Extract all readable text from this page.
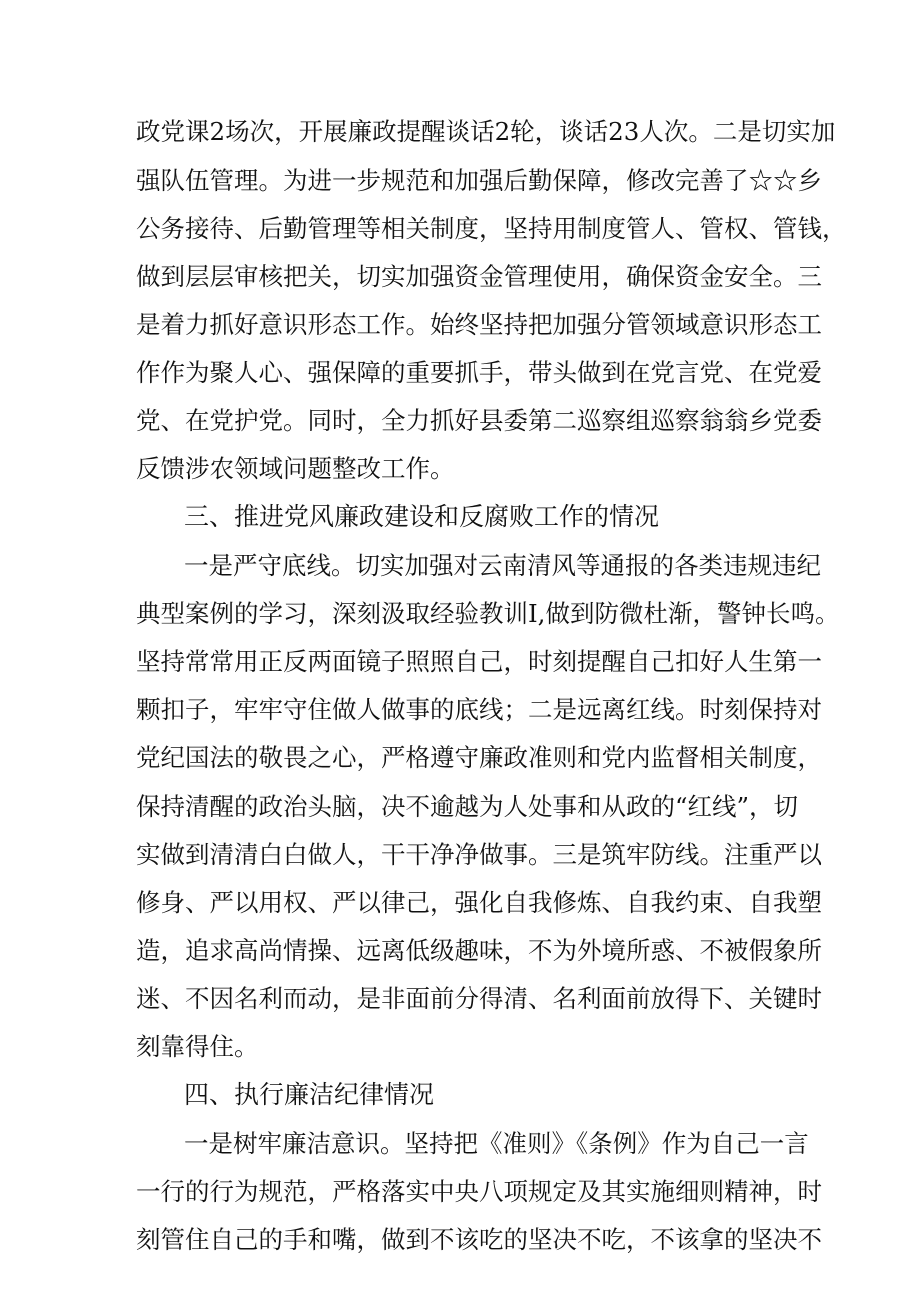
政党课2场次，开展廉政提醒谈话2轮，谈话23人次。二是切实加
强队伍管理。为进一步规范和加强后勤保障，修改完善了☆☆乡
公务接待、后勤管理等相关制度，坚持用制度管人、管权、管钱，
做到层层审核把关，切实加强资金管理使用，确保资金安全。三
是着力抓好意识形态工作。始终坚持把加强分管领域意识形态工
作作为聚人心、强保障的重要抓手，带头做到在党言党、在党爱
党、在党护党。同时，全力抓好县委第二巡察组巡察翁翁乡党委
反馈涉农领域问题整改工作。
三、推进党风廉政建设和反腐败工作的情况
一是严守底线。切实加强对云南清风等通报的各类违规违纪
典型案例的学习，深刻汲取经验教训I,做到防微杜渐，警钟长鸣。
坚持常常用正反两面镜子照照自己，时刻提醒自己扣好人生第一
颗扣子，牢牢守住做人做事的底线；二是远离红线。时刻保持对
党纪国法的敬畏之心，严格遵守廉政准则和党内监督相关制度，
保持清醒的政治头脑，决不逾越为人处事和从政的“红线”，切
实做到清清白白做人，干干净净做事。三是筑牢防线。注重严以
修身、严以用权、严以律己，强化自我修炼、自我约束、自我塑
造，追求高尚情操、远离低级趣味，不为外境所惑、不被假象所
迷、不因名利而动，是非面前分得清、名利面前放得下、关键时
刻靠得住。
四、执行廉洁纪律情况
一是树牢廉洁意识。坚持把《准则》《条例》作为自己一言
一行的行为规范，严格落实中央八项规定及其实施细则精神，时
刻管住自己的手和嘴，做到不该吃的坚决不吃，不该拿的坚决不
